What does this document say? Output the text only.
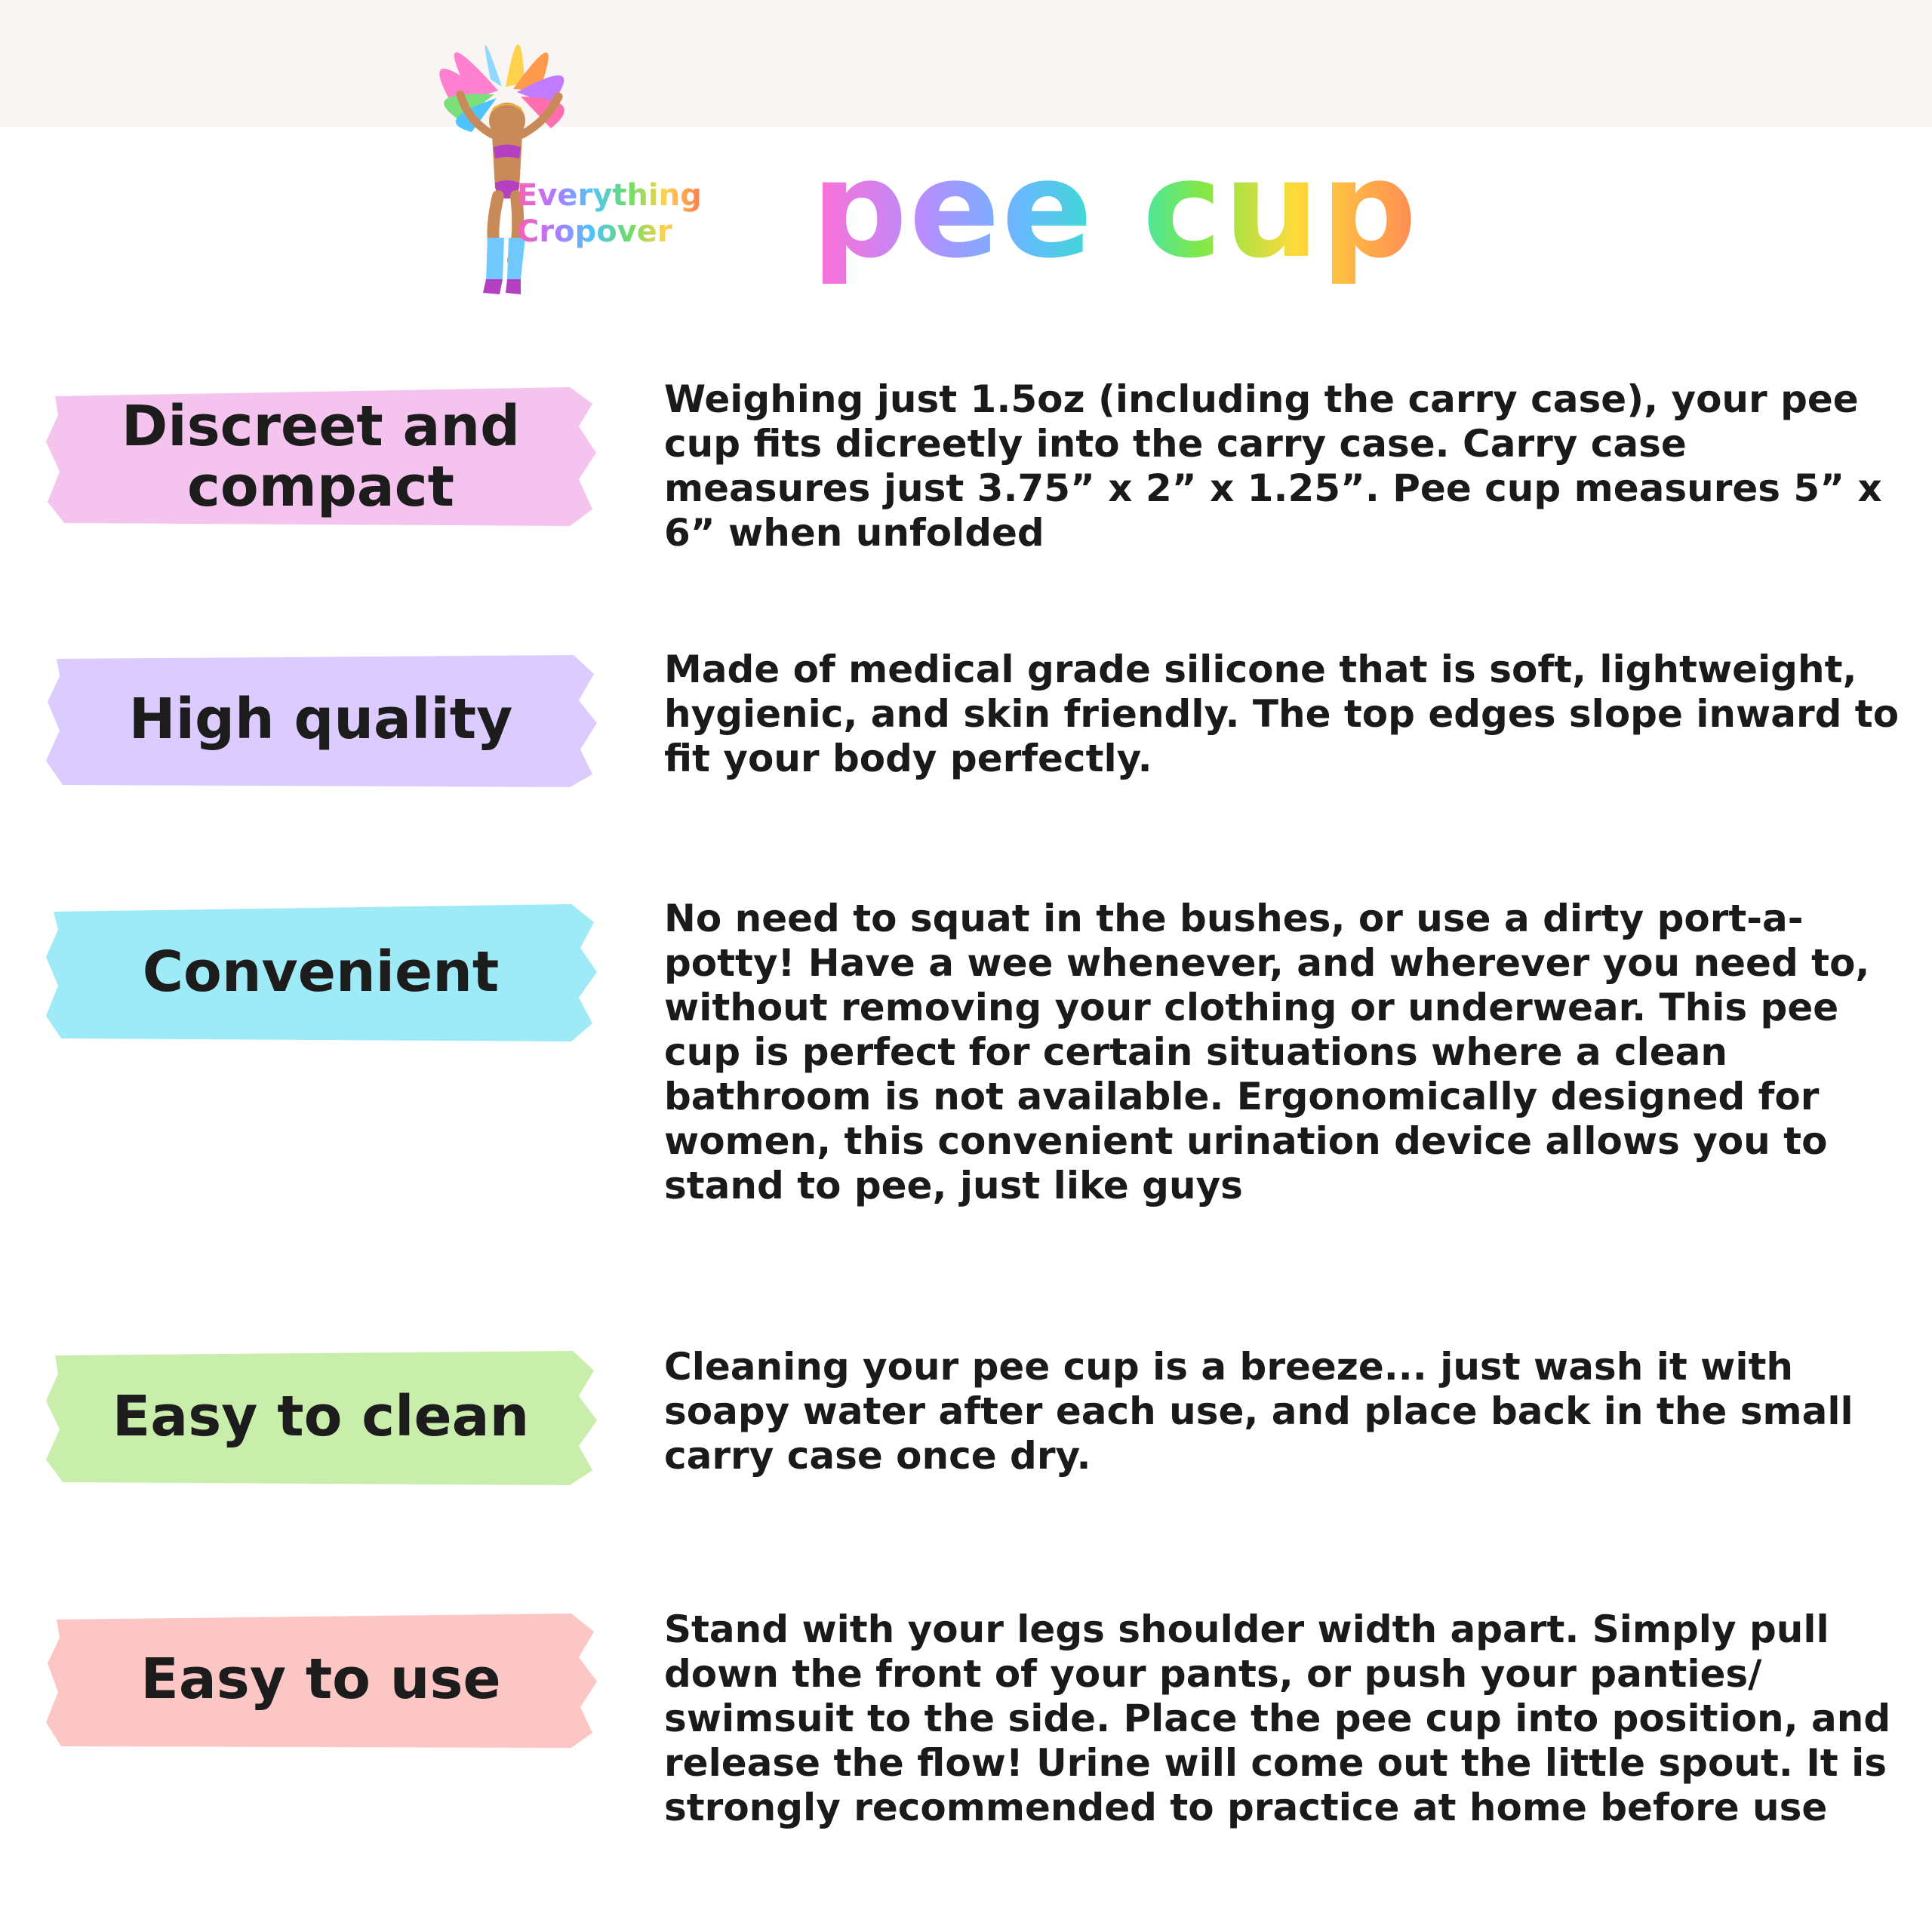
Everything
Cropover pee cup
Discreet and compact

Weighing just 1.5oz (including the carry case), your pee cup fits dicreetly into the carry case. Carry case measures just 3.75” x 2” x 1.25”. Pee cup measures 5” x 6” when unfolded

High quality

Made of medical grade silicone that is soft, lightweight, hygienic, and skin friendly. The top edges slope inward to fit your body perfectly.

Convenient

No need to squat in the bushes, or use a dirty port-a-potty! Have a wee whenever, and wherever you need to, without removing your clothing or underwear. This pee cup is perfect for certain situations where a clean bathroom is not available. Ergonomically designed for women, this convenient urination device allows you to stand to pee, just like guys

Easy to clean

Cleaning your pee cup is a breeze... just wash it with soapy water after each use, and place back in the small carry case once dry.

Easy to use

Stand with your legs shoulder width apart. Simply pull down the front of your pants, or push your panties/ swimsuit to the side. Place the pee cup into position, and release the flow! Urine will come out the little spout. It is strongly recommended to practice at home before use
